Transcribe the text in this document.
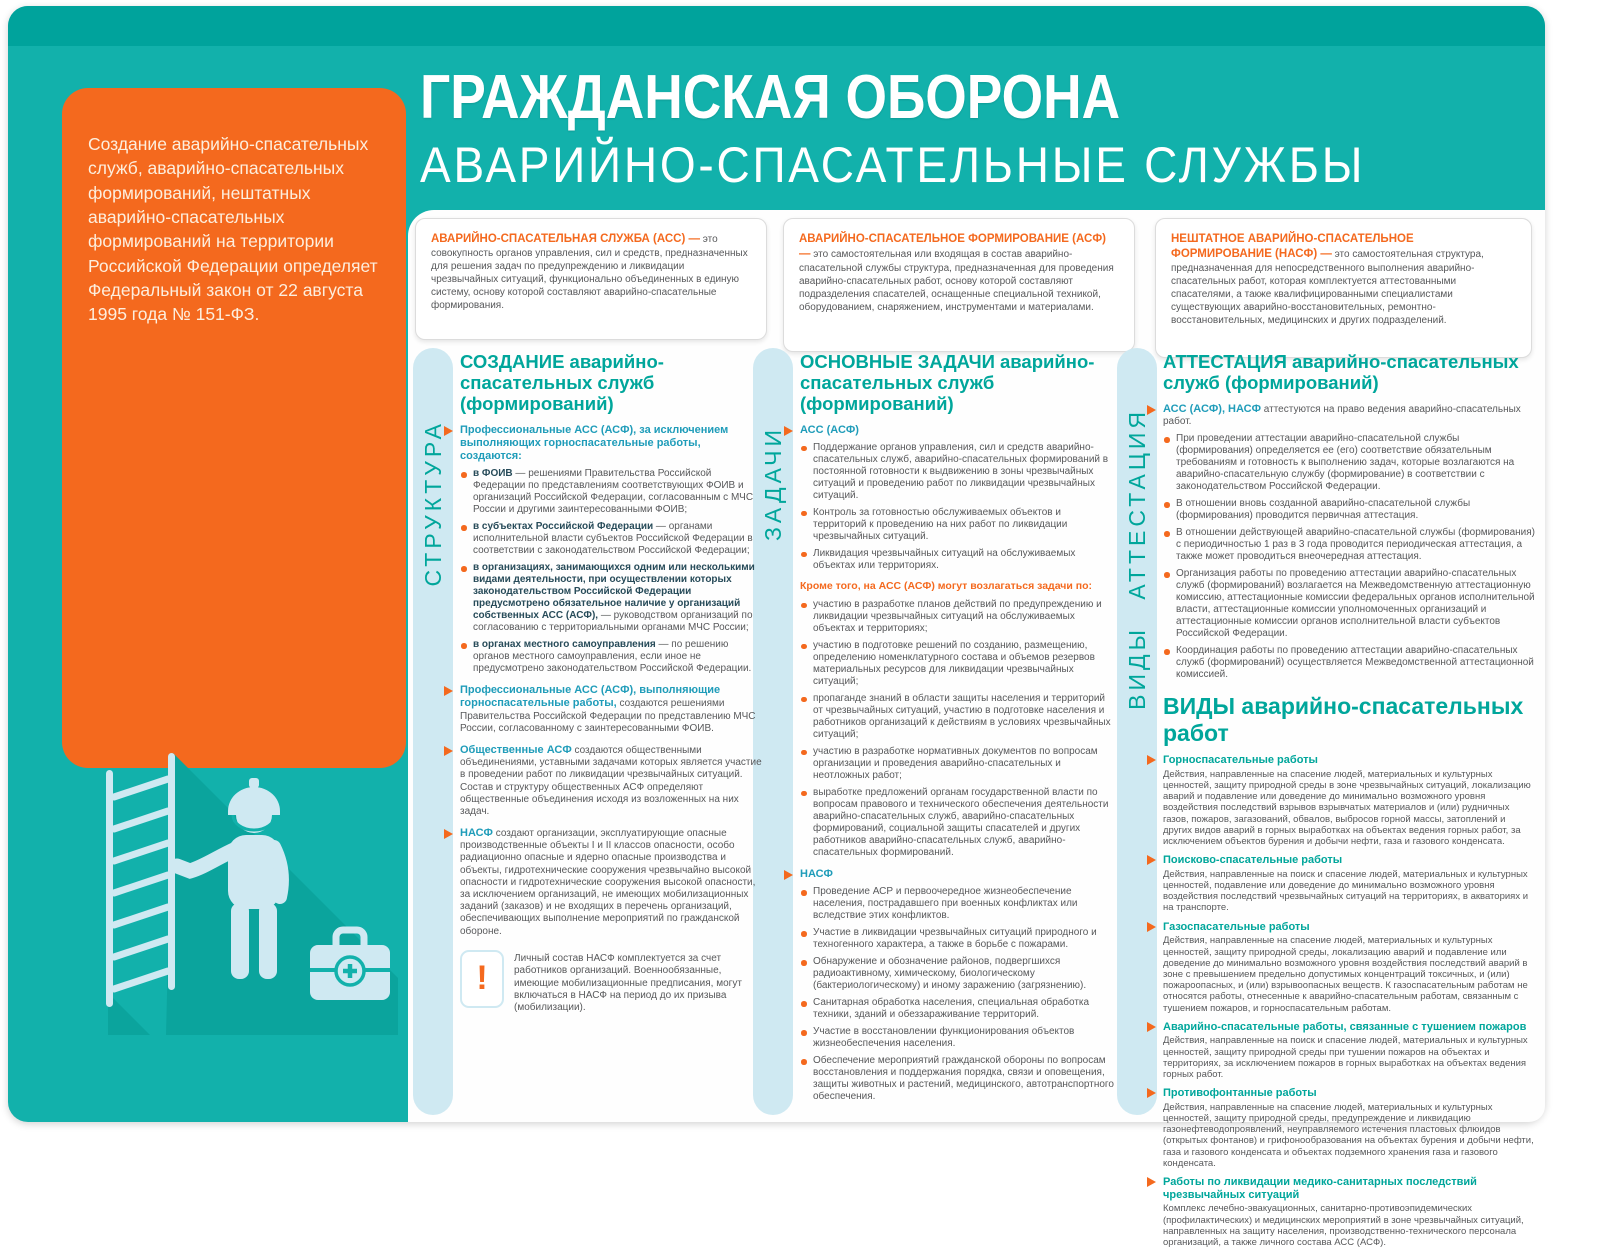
ГРАЖДАНСКАЯ ОБОРОНА
АВАРИЙНО-СПАСАТЕЛЬНЫЕ СЛУЖБЫ

Создание аварийно-спасательных служб, аварийно-спасательных формирований, нештатных аварийно-спасательных формирований на территории Российской Федерации определяет Федеральный закон от 22 августа 1995 года № 151-ФЗ.

АВАРИЙНО-СПАСАТЕЛЬНАЯ СЛУЖБА (АСС) — это совокупность органов управления, сил и средств, предназначенных для решения задач по предупреждению и ликвидации чрезвычайных ситуаций, функционально объединенных в единую систему, основу которой составляют аварийно-спасательные формирования.
АВАРИЙНО-СПАСАТЕЛЬНОЕ ФОРМИРОВАНИЕ (АСФ) — это самостоятельная или входящая в состав аварийно-спасательной службы структура, предназначенная для проведения аварийно-спасательных работ, основу которой составляют подразделения спасателей, оснащенные специальной техникой, оборудованием, снаряжением, инструментами и материалами.
НЕШТАТНОЕ АВАРИЙНО-СПАСАТЕЛЬНОЕ ФОРМИРОВАНИЕ (НАСФ) — это самостоятельная структура, предназначенная для непосредственного выполнения аварийно-спасательных работ, которая комплектуется аттестованными спасателями, а также квалифицированными специалистами существующих аварийно-восстановительных, ремонтно-восстановительных, медицинских и других подразделений.
СТРУКТУРА	ЗАДАЧИ	АТТЕСТАЦИЯ
ВИДЫ
СОЗДАНИЕ аварийно-спасательных служб (формирований)

Профессиональные АСС (АСФ), за исключением выполняющих горноспасательные работы, создаются:

в ФОИВ — решениями Правительства Российской Федерации по представлениям соответствующих ФОИВ и организаций Российской Федерации, согласованным с МЧС России и другими заинтересованными ФОИВ;
в субъектах Российской Федерации — органами исполнительной власти субъектов Российской Федерации в соответствии с законодательством Российской Федерации;
в организациях, занимающихся одним или несколькими видами деятельности, при осуществлении которых законодательством Российской Федерации предусмотрено обязательное наличие у организаций собственных АСС (АСФ), — руководством организаций по согласованию с территориальными органами МЧС России;
в органах местного самоуправления — по решению органов местного самоуправления, если иное не предусмотрено законодательством Российской Федерации.

Профессиональные АСС (АСФ), выполняющие горноспасательные работы, создаются решениями Правительства Российской Федерации по представлению МЧС России, согласованному с заинтересованными ФОИВ.

Общественные АСФ создаются общественными объединениями, уставными задачами которых является участие в проведении работ по ликвидации чрезвычайных ситуаций. Состав и структуру общественных АСФ определяют общественные объединения исходя из возложенных на них задач.

НАСФ создают организации, эксплуатирующие опасные производственные объекты I и II классов опасности, особо радиационно опасные и ядерно опасные производства и объекты, гидротехнические сооружения чрезвычайно высокой опасности и гидротехнические сооружения высокой опасности, за исключением организаций, не имеющих мобилизационных заданий (заказов) и не входящих в перечень организаций, обеспечивающих выполнение мероприятий по гражданской обороне.

!
Личный состав НАСФ комплектуется за счет работников организаций. Военнообязанные, имеющие мобилизационные предписания, могут включаться в НАСФ на период до их призыва (мобилизации).
ОСНОВНЫЕ ЗАДАЧИ аварийно-спасательных служб (формирований)

АСС (АСФ)

Поддержание органов управления, сил и средств аварийно-спасательных служб, аварийно-спасательных формирований в постоянной готовности к выдвижению в зоны чрезвычайных ситуаций и проведению работ по ликвидации чрезвычайных ситуаций.
Контроль за готовностью обслуживаемых объектов и территорий к проведению на них работ по ликвидации чрезвычайных ситуаций.
Ликвидация чрезвычайных ситуаций на обслуживаемых объектах или территориях.

Кроме того, на АСС (АСФ) могут возлагаться задачи по:

участию в разработке планов действий по предупреждению и ликвидации чрезвычайных ситуаций на обслуживаемых объектах и территориях;
участию в подготовке решений по созданию, размещению, определению номенклатурного состава и объемов резервов материальных ресурсов для ликвидации чрезвычайных ситуаций;
пропаганде знаний в области защиты населения и территорий от чрезвычайных ситуаций, участию в подготовке населения и работников организаций к действиям в условиях чрезвычайных ситуаций;
участию в разработке нормативных документов по вопросам организации и проведения аварийно-спасательных и неотложных работ;
выработке предложений органам государственной власти по вопросам правового и технического обеспечения деятельности аварийно-спасательных служб, аварийно-спасательных формирований, социальной защиты спасателей и других работников аварийно-спасательных служб, аварийно-спасательных формирований.

НАСФ

Проведение АСР и первоочередное жизнеобеспечение населения, пострадавшего при военных конфликтах или вследствие этих конфликтов.
Участие в ликвидации чрезвычайных ситуаций природного и техногенного характера, а также в борьбе с пожарами.
Обнаружение и обозначение районов, подвергшихся радиоактивному, химическому, биологическому (бактериологическому) и иному заражению (загрязнению).
Санитарная обработка населения, специальная обработка техники, зданий и обеззараживание территорий.
Участие в восстановлении функционирования объектов жизнеобеспечения населения.
Обеспечение мероприятий гражданской обороны по вопросам восстановления и поддержания порядка, связи и оповещения, защиты животных и растений, медицинского, автотранспортного обеспечения.
АТТЕСТАЦИЯ аварийно-спасательных служб (формирований)

АСС (АСФ), НАСФ аттестуются на право ведения аварийно-спасательных работ.

При проведении аттестации аварийно-спасательной службы (формирования) определяется ее (его) соответствие обязательным требованиям и готовность к выполнению задач, которые возлагаются на аварийно-спасательную службу (формирование) в соответствии с законодательством Российской Федерации.
В отношении вновь созданной аварийно-спасательной службы (формирования) проводится первичная аттестация.
В отношении действующей аварийно-спасательной службы (формирования) с периодичностью 1 раз в 3 года проводится периодическая аттестация, а также может проводиться внеочередная аттестация.
Организация работы по проведению аттестации аварийно-спасательных служб (формирований) возлагается на Межведомственную аттестационную комиссию, аттестационные комиссии федеральных органов исполнительной власти, аттестационные комиссии уполномоченных организаций и аттестационные комиссии органов исполнительной власти субъектов Российской Федерации.
Координация работы по проведению аттестации аварийно-спасательных служб (формирований) осуществляется Межведомственной аттестационной комиссией.
ВИДЫ аварийно-спасательных работ

Горноспасательные работы

Действия, направленные на спасение людей, материальных и культурных ценностей, защиту природной среды в зоне чрезвычайных ситуаций, локализацию аварий и подавление или доведение до минимально возможного уровня воздействия последствий взрывов взрывчатых материалов и (или) рудничных газов, пожаров, загазований, обвалов, выбросов горной массы, затоплений и других видов аварий в горных выработках на объектах ведения горных работ, за исключением объектов бурения и добычи нефти, газа и газового конденсата.

Поисково-спасательные работы

Действия, направленные на поиск и спасение людей, материальных и культурных ценностей, подавление или доведение до минимально возможного уровня воздействия последствий чрезвычайных ситуаций на территориях, в акваториях и на транспорте.

Газоспасательные работы

Действия, направленные на спасение людей, материальных и культурных ценностей, защиту природной среды, локализацию аварий и подавление или доведение до минимально возможного уровня воздействия последствий аварий в зоне с превышением предельно допустимых концентраций токсичных, и (или) пожароопасных, и (или) взрывоопасных веществ. К газоспасательным работам не относятся работы, отнесенные к аварийно-спасательным работам, связанным с тушением пожаров, и горноспасательным работам.

Аварийно-спасательные работы, связанные с тушением пожаров

Действия, направленные на поиск и спасение людей, материальных и культурных ценностей, защиту природной среды при тушении пожаров на объектах и территориях, за исключением пожаров в горных выработках на объектах ведения горных работ.

Противофонтанные работы

Действия, направленные на спасение людей, материальных и культурных ценностей, защиту природной среды, предупреждение и ликвидацию газонефтеводопроявлений, неуправляемого истечения пластовых флюидов (открытых фонтанов) и грифонообразования на объектах бурения и добычи нефти, газа и газового конденсата и объектах подземного хранения газа и газового конденсата.

Работы по ликвидации медико-санитарных последствий чрезвычайных ситуаций

Комплекс лечебно-эвакуационных, санитарно-противоэпидемических (профилактических) и медицинских мероприятий в зоне чрезвычайных ситуаций, направленных на защиту населения, производственно-технического персонала организаций, а также личного состава АСС (АСФ).
